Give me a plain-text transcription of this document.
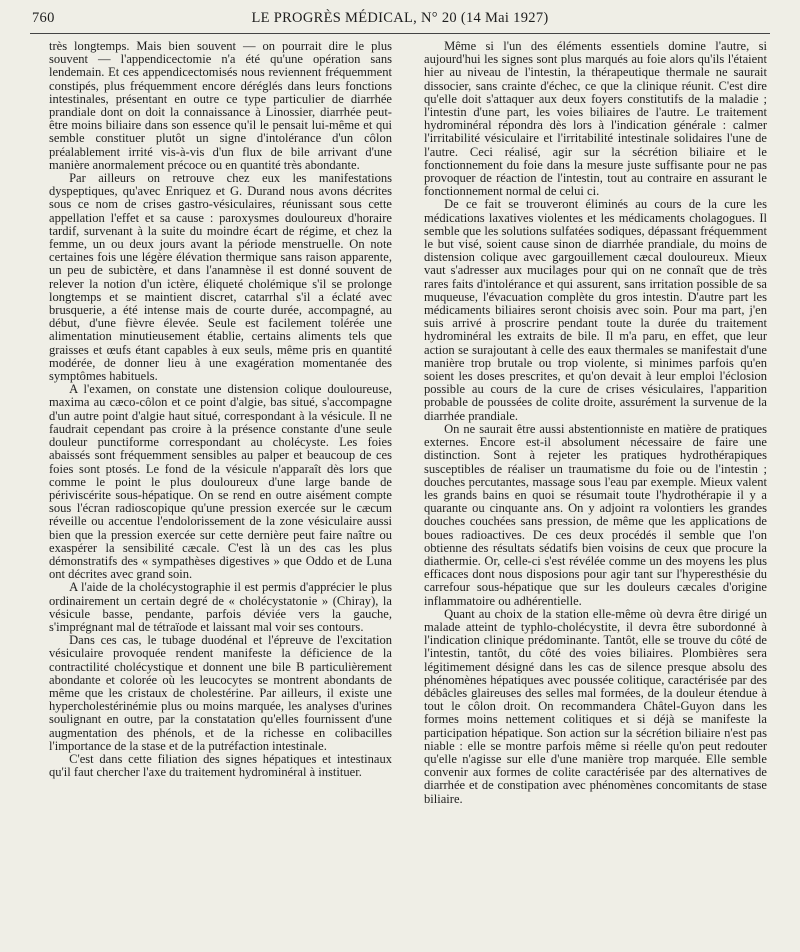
760	LE PROGRÈS MÉDICAL, N° 20 (14 Mai 1927)

très longtemps. Mais bien souvent — on pourrait dire le plus souvent — l'appendicectomie n'a été qu'une opération sans lendemain. Et ces appendicectomisés nous reviennent fréquemment constipés, plus fréquemment encore déréglés dans leurs fonctions intestinales, présentant en outre ce type particulier de diarrhée prandiale dont on doit la connaissance à Linossier, diarrhée peut-être moins biliaire dans son essence qu'il le pensait lui-même et qui semble constituer plutôt un signe d'intolérance d'un côlon préalablement irrité vis-à-vis d'un flux de bile arrivant d'une manière anormalement précoce ou en quantité très abondante.

Par ailleurs on retrouve chez eux les manifestations dyspeptiques, qu'avec Enriquez et G. Durand nous avons décrites sous ce nom de crises gastro-vésiculaires, réunissant sous cette appellation l'effet et sa cause : paroxysmes douloureux d'horaire tardif, survenant à la suite du moindre écart de régime, et chez la femme, un ou deux jours avant la période menstruelle. On note certaines fois une légère élévation thermique sans raison apparente, un peu de subictère, et dans l'anamnèse il est donné souvent de relever la notion d'un ictère, éliqueté cholémique s'il se prolonge longtemps et se maintient discret, catarrhal s'il a éclaté avec brusquerie, a été intense mais de courte durée, accompagné, au début, d'une fièvre élevée. Seule est facilement tolérée une alimentation minutieusement établie, certains aliments tels que graisses et œufs étant capables à eux seuls, même pris en quantité modérée, de donner lieu à une exagération momentanée des symptômes habituels.

A l'examen, on constate une distension colique douloureuse, maxima au cæco-côlon et ce point d'algie, bas situé, s'accompagne d'un autre point d'algie haut situé, correspondant à la vésicule. Il ne faudrait cependant pas croire à la présence constante d'une seule douleur punctiforme correspondant au cholécyste. Les foies abaissés sont fréquemment sensibles au palper et beaucoup de ces foies sont ptosés. Le fond de la vésicule n'apparaît dès lors que comme le point le plus douloureux d'une large bande de périviscérite sous-hépatique. On se rend en outre aisément compte sous l'écran radioscopique qu'une pression exercée sur le cæcum réveille ou accentue l'endolorissement de la zone vésiculaire aussi bien que la pression exercée sur cette dernière peut faire naître ou exaspérer la sensibilité cæcale. C'est là un des cas les plus démonstratifs des « sympathèses digestives » que Oddo et de Luna ont décrites avec grand soin.

A l'aide de la cholécystographie il est permis d'apprécier le plus ordinairement un certain degré de « cholécystatonie » (Chiray), la vésicule basse, pendante, parfois déviée vers la gauche, s'imprégnant mal de tétraïode et laissant mal voir ses contours.

Dans ces cas, le tubage duodénal et l'épreuve de l'excitation vésiculaire provoquée rendent manifeste la déficience de la contractilité cholécystique et donnent une bile B particulièrement abondante et colorée où les leucocytes se montrent abondants de même que les cristaux de cholestérine. Par ailleurs, il existe une hypercholestérinémie plus ou moins marquée, les analyses d'urines soulignant en outre, par la constatation qu'elles fournissent d'une augmentation des phénols, et de la richesse en colibacilles l'importance de la stase et de la putréfaction intestinale.

C'est dans cette filiation des signes hépatiques et intestinaux qu'il faut chercher l'axe du traitement hydrominéral à instituer.

Même si l'un des éléments essentiels domine l'autre, si aujourd'hui les signes sont plus marqués au foie alors qu'ils l'étaient hier au niveau de l'intestin, la thérapeutique thermale ne saurait dissocier, sans crainte d'échec, ce que la clinique réunit. C'est dire qu'elle doit s'attaquer aux deux foyers constitutifs de la maladie ; l'intestin d'une part, les voies biliaires de l'autre. Le traitement hydrominéral répondra dès lors à l'indication générale : calmer l'irritabilité vésiculaire et l'irritabilité intestinale solidaires l'une de l'autre. Ceci réalisé, agir sur la sécrétion biliaire et le fonctionnement du foie dans la mesure juste suffisante pour ne pas provoquer de réaction de l'intestin, tout au contraire en assurant le fonctionnement normal de celui ci.

De ce fait se trouveront éliminés au cours de la cure les médications laxatives violentes et les médicaments cholagogues. Il semble que les solutions sulfatées sodiques, dépassant fréquemment le but visé, soient cause sinon de diarrhée prandiale, du moins de distension colique avec gargouillement cæcal douloureux. Mieux vaut s'adresser aux mucilages pour qui on ne connaît que de très rares faits d'intolérance et qui assurent, sans irritation possible de sa muqueuse, l'évacuation complète du gros intestin. D'autre part les médicaments biliaires seront choisis avec soin. Pour ma part, j'en suis arrivé à proscrire pendant toute la durée du traitement hydrominéral les extraits de bile. Il m'a paru, en effet, que leur action se surajoutant à celle des eaux thermales se manifestait d'une manière trop brutale ou trop violente, si minimes parfois qu'en soient les doses prescrites, et qu'on devait à leur emploi l'éclosion possible au cours de la cure de crises vésiculaires, l'apparition probable de poussées de colite droite, assurément la survenue de la diarrhée prandiale.

On ne saurait être aussi abstentionniste en matière de pratiques externes. Encore est-il absolument nécessaire de faire une distinction. Sont à rejeter les pratiques hydrothérapiques susceptibles de réaliser un traumatisme du foie ou de l'intestin ; douches percutantes, massage sous l'eau par exemple. Mieux valent les grands bains en quoi se résumait toute l'hydrothérapie il y a quarante ou cinquante ans. On y adjoint ra volontiers les grandes douches couchées sans pression, de même que les applications de boues radioactives. De ces deux procédés il semble que l'on obtienne des résultats sédatifs bien voisins de ceux que procure la diathermie. Or, celle-ci s'est révélée comme un des moyens les plus efficaces dont nous disposions pour agir tant sur l'hyperesthésie du carrefour sous-hépatique que sur les douleurs cæcales d'origine inflammatoire ou adhérentielle.

Quant au choix de la station elle-même où devra être dirigé un malade atteint de typhlo-cholécystite, il devra être subordonné à l'indication clinique prédominante. Tantôt, elle se trouve du côté de l'intestin, tantôt, du côté des voies biliaires. Plombières sera légitimement désigné dans les cas de silence presque absolu des phénomènes hépatiques avec poussée colitique, caractérisée par des débâcles glaireuses des selles mal formées, de la douleur étendue à tout le côlon droit. On recommandera Châtel-Guyon dans les formes moins nettement colitiques et si déjà se manifeste la participation hépatique. Son action sur la sécrétion biliaire n'est pas niable : elle se montre parfois même si réelle qu'on peut redouter qu'elle n'agisse sur elle d'une manière trop marquée. Elle semble convenir aux formes de colite caractérisée par des alternatives de diarrhée et de constipation avec phénomènes concomitants de stase biliaire.
